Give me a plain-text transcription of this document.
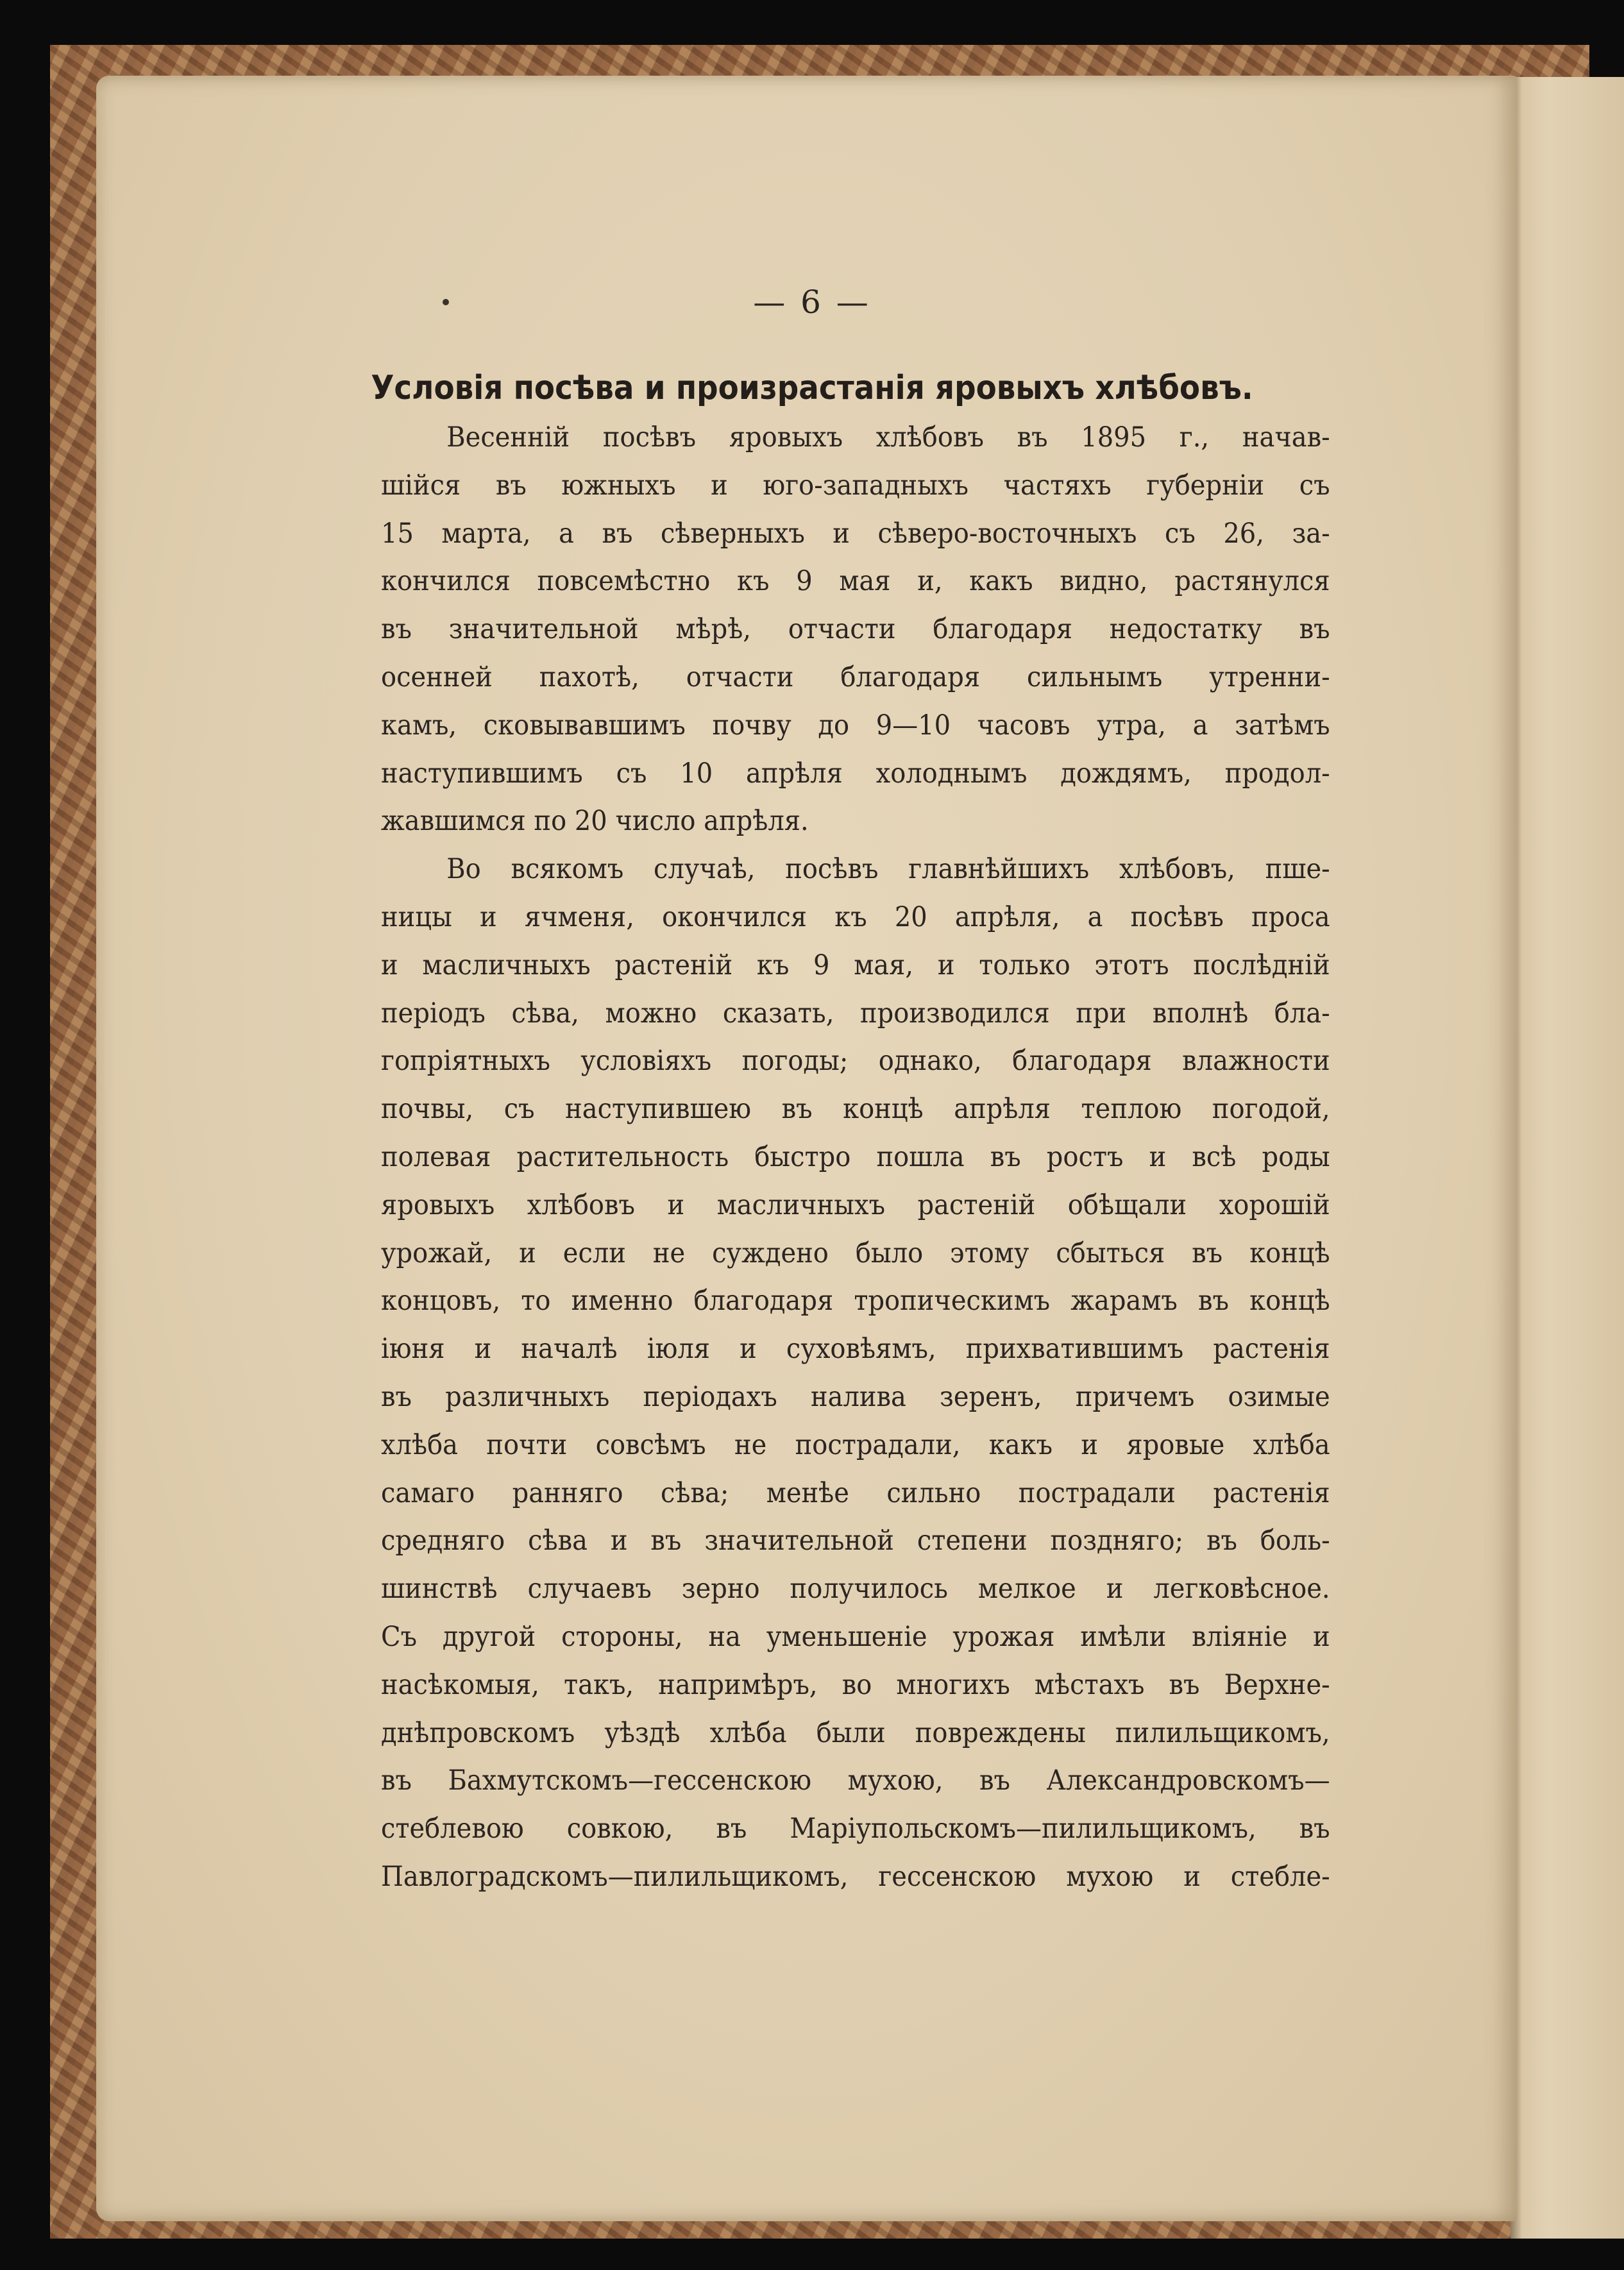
— 6 —
Условія посѣва и произрастанія яровыхъ хлѣбовъ.
Весенній посѣвъ яровыхъ хлѣбовъ въ 1895 г., начав-
шійся въ южныхъ и юго-западныхъ частяхъ губерніи съ
15 марта, а въ сѣверныхъ и сѣверо-восточныхъ съ 26, за-
кончился повсемѣстно къ 9 мая и, какъ видно, растянулся
въ значительной мѣрѣ, отчасти благодаря недостатку въ
осенней пахотѣ, отчасти благодаря сильнымъ утренни-
камъ, сковывавшимъ почву до 9—10 часовъ утра, а затѣмъ
наступившимъ съ 10 апрѣля холоднымъ дождямъ, продол-
жавшимся по 20 число апрѣля.
Во всякомъ случаѣ, посѣвъ главнѣйшихъ хлѣбовъ, пше-
ницы и ячменя, окончился къ 20 апрѣля, а посѣвъ проса
и масличныхъ растеній къ 9 мая, и только этотъ послѣдній
періодъ сѣва, можно сказать, производился при вполнѣ бла-
гопріятныхъ условіяхъ погоды; однако, благодаря влажности
почвы, съ наступившею въ концѣ апрѣля теплою погодой,
полевая растительность быстро пошла въ ростъ и всѣ роды
яровыхъ хлѣбовъ и масличныхъ растеній обѣщали хорошій
урожай, и если не суждено было этому сбыться въ концѣ
концовъ, то именно благодаря тропическимъ жарамъ въ концѣ
іюня и началѣ іюля и суховѣямъ, прихватившимъ растенія
въ различныхъ періодахъ налива зеренъ, причемъ озимые
хлѣба почти совсѣмъ не пострадали, какъ и яровые хлѣба
самаго ранняго сѣва; менѣе сильно пострадали растенія
средняго сѣва и въ значительной степени поздняго; въ боль-
шинствѣ случаевъ зерно получилось мелкое и легковѣсное.
Съ другой стороны, на уменьшеніе урожая имѣли вліяніе и
насѣкомыя, такъ, напримѣръ, во многихъ мѣстахъ въ Верхне-
днѣпровскомъ уѣздѣ хлѣба были повреждены пилильщикомъ,
въ Бахмутскомъ—гессенскою мухою, въ Александровскомъ—
стеблевою совкою, въ Маріупольскомъ—пилильщикомъ, въ
Павлоградскомъ—пилильщикомъ, гессенскою мухою и стебле-
